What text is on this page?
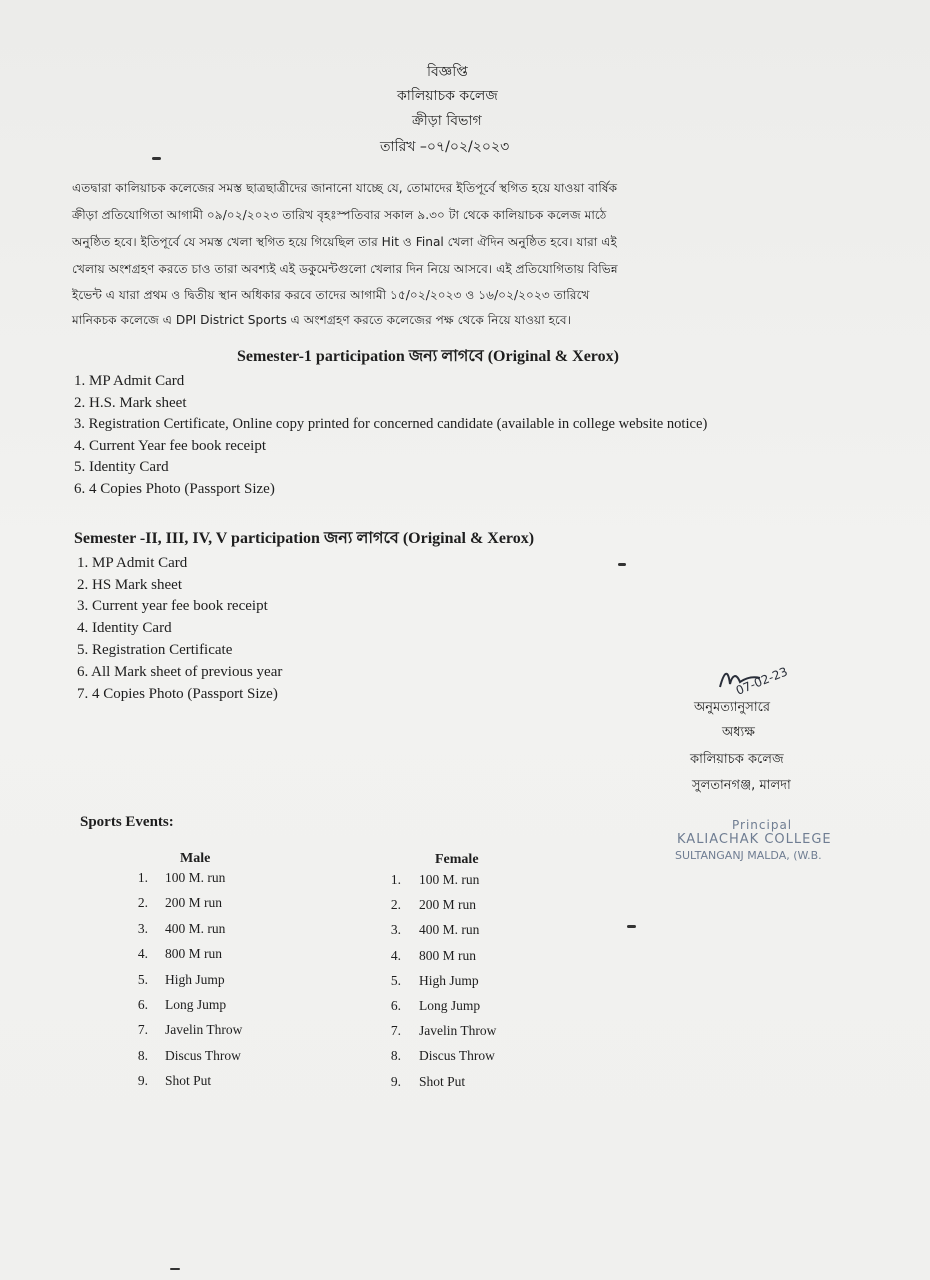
বিজ্ঞপ্তি
কালিয়াচক কলেজ
ক্রীড়া বিভাগ
তারিখ –০৭/০২/২০২৩
এতদ্বারা কালিয়াচক কলেজের সমস্ত ছাত্রছাত্রীদের জানানো যাচ্ছে যে, তোমাদের ইতিপূর্বে স্থগিত হয়ে যাওয়া বার্ষিক
ক্রীড়া প্রতিযোগিতা আগামী ০৯/০২/২০২৩ তারিখ বৃহঃস্পতিবার সকাল ৯.৩০ টা থেকে কালিয়াচক কলেজ মাঠে
অনুষ্ঠিত হবে। ইতিপূর্বে যে সমস্ত খেলা স্থগিত হয়ে গিয়েছিল তার Hit ও Final খেলা ঐদিন অনুষ্ঠিত হবে। যারা এই
খেলায় অংশগ্রহণ করতে চাও তারা অবশ্যই এই ডকুমেন্টগুলো খেলার দিন নিয়ে আসবে। এই প্রতিযোগিতায় বিভিন্ন
ইভেন্ট এ যারা প্রথম ও দ্বিতীয় স্থান অধিকার করবে তাদের আগামী ১৫/০২/২০২৩ ও ১৬/০২/২০২৩ তারিখে
মানিকচক কলেজে এ DPI District Sports এ অংশগ্রহণ করতে কলেজের পক্ষ থেকে নিয়ে যাওয়া হবে।
Semester-1 participation জন্য লাগবে (Original & Xerox)
1. MP Admit Card
2. H.S. Mark sheet
3. Registration Certificate, Online copy printed for concerned candidate (available in college website notice)
4. Current Year fee book receipt
5. Identity Card
6. 4 Copies Photo (Passport Size)
Semester -II, III, IV, V participation জন্য লাগবে (Original & Xerox)
1. MP Admit Card
2. HS Mark sheet
3. Current year fee book receipt
4. Identity Card
5. Registration Certificate
6. All Mark sheet of previous year
7. 4 Copies Photo (Passport Size)	07-02-23
অনুমত্যানুসারে
অধ্যক্ষ
কালিয়াচক কলেজ
সুলতানগঞ্জ, মালদা
Principal
KALIACHAK COLLEGE
SULTANGANJ MALDA, (W.B.
Sports Events:
Male	Female
1. 100 M. run
2. 200 M run
3. 400 M. run
4. 800 M run
5. High Jump
6. Long Jump
7. Javelin Throw
8. Discus Throw
9. Shot Put
1. 100 M. run
2. 200 M run
3. 400 M. run
4. 800 M run
5. High Jump
6. Long Jump
7. Javelin Throw
8. Discus Throw
9. Shot Put
